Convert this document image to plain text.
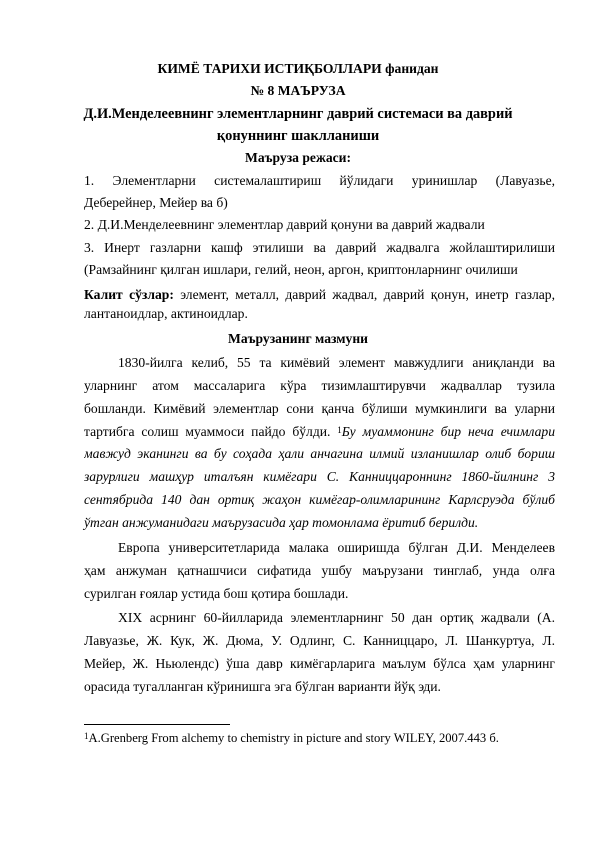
КИМЁ ТАРИХИ ИСТИҚБОЛЛАРИ фанидан
№ 8 МАЪРУЗА
Д.И.Менделеевнинг элементларнинг даврий системаси ва даврий
қонуннинг шаклланиши
Маъруза режаси:
1. Элементларни системалаштириш йўлидаги уринишлар (Лавуазье,
Деберейнер, Мейер ва б)
2. Д.И.Менделеевнинг элементлар даврий қонуни ва даврий жадвали
3. Инерт газларни кашф этилиши ва даврий жадвалга жойлаштирилиши
(Рамзайнинг қилган ишлари, гелий, неон, аргон, криптонларнинг очилиши
Калит сўзлар: элемент, металл, даврий жадвал, даврий қонун, инетр газлар,
лантаноидлар, актиноидлар.
Маърузанинг мазмуни
1830-йилга келиб, 55 та кимёвий элемент мавжудлиги аниқланди ва
уларнинг атом массаларига кўра тизимлаштирувчи жадваллар тузила
бошланди. Кимёвий элементлар сони қанча бўлиши мумкинлиги ва уларни
тартибга солиш муаммоси пайдо бўлди. $^1$Бу муаммонинг бир неча ечимлари
мавжуд эканинги ва бу соҳада ҳали анчагина илмий изланишлар олиб бориш
зарурлиги машҳур италъян кимёгари С. Канниццароннинг 1860-йилнинг 3
сентябрида 140 дан ортиқ жаҳон кимёгар-олимларининг Карлсруэда бўлиб
ўтган анжуманидаги маърузасида ҳар томонлама ёритиб берилди.
Европа университетларида малака оширишда бўлган Д.И. Менделеев
ҳам анжуман қатнашчиси сифатида ушбу маърузани тинглаб, унда олға
сурилган ғоялар устида бош қотира бошлади.
XIX асрнинг 60-йилларида элементларнинг 50 дан ортиқ жадвали (А.
Лавуазье, Ж. Кук, Ж. Дюма, У. Одлинг, С. Канниццаро, Л. Шанкуртуа, Л.
Мейер, Ж. Ньюлендс) ўша давр кимёгарларига маълум бўлса ҳам уларнинг
орасида тугалланган кўринишга эга бўлган варианти йўқ эди.
$^1$A.Grenberg From alchemy to chemistry in picture and story WILEY, 2007.443 б.
